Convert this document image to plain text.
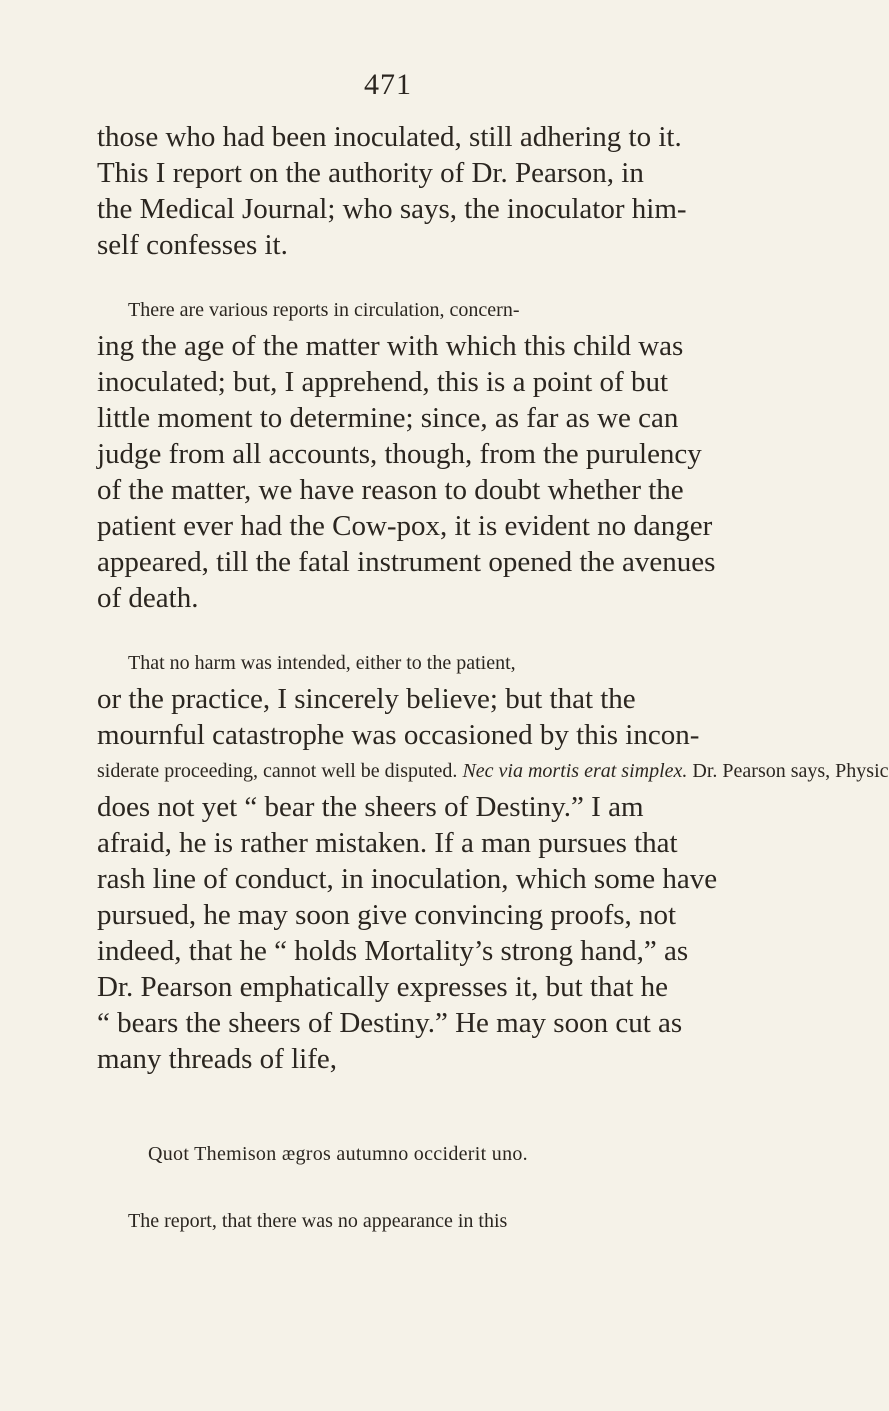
471
those who had been inoculated, still adhering to it.
This I report on the authority of Dr. Pearson, in
the Medical Journal; who says, the inoculator him-
self confesses it.
There are various reports in circulation, concern-
ing the age of the matter with which this child was
inoculated; but, I apprehend, this is a point of but
little moment to determine; since, as far as we can
judge from all accounts, though, from the purulency
of the matter, we have reason to doubt whether the
patient ever had the Cow-pox, it is evident no danger
appeared, till the fatal instrument opened the avenues
of death.
That no harm was intended, either to the patient,
or the practice, I sincerely believe; but that the
mournful catastrophe was occasioned by this incon-
siderate proceeding, cannot well be disputed. Nec via mortis erat simplex. Dr. Pearson says, Physic
does not yet “ bear the sheers of Destiny.” I am
afraid, he is rather mistaken. If a man pursues that
rash line of conduct, in inoculation, which some have
pursued, he may soon give convincing proofs, not
indeed, that he “ holds Mortality’s strong hand,” as
Dr. Pearson emphatically expresses it, but that he
“ bears the sheers of Destiny.” He may soon cut as
many threads of life,
Quot Themison ægros autumno occiderit uno.
The report, that there was no appearance in this
